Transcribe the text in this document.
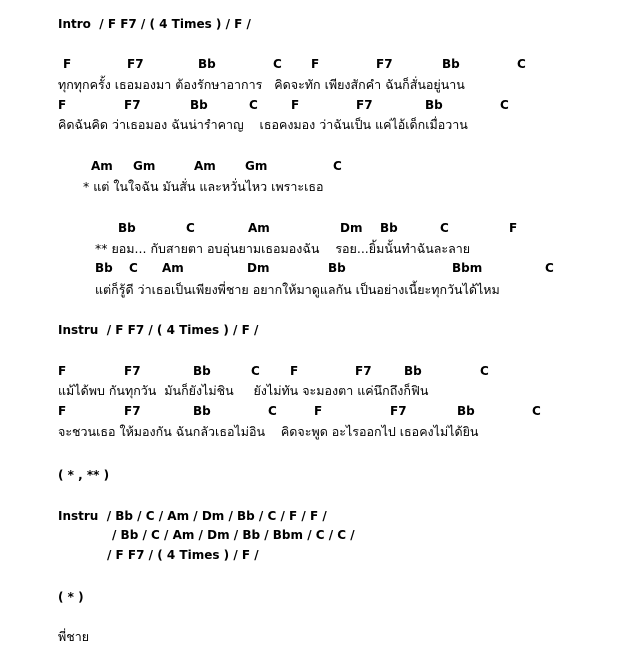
Intro  / F F7 / ( 4 Times ) / F /
F	F7	Bb	C F	F7	Bb	C
ทุกทุกครั้ง เธอมองมา ต้องรักษาอาการ   คิดจะทัก เพียงสักคำ ฉันก็สั่นอยู่นาน
F	F7	Bb	C	F	F7	Bb	C
คิดฉันคิด ว่าเธอมอง ฉันน่ารำคาญ    เธอคงมอง ว่าฉันเป็น แค่ไอ้เด็กเมื่อวาน
Am Gm	Am Gm	C
* แต่ ในใจฉัน มันสั่น และหวั่นไหว เพราะเธอ
Bb	C	Am	Dm Bb	C	F
** ยอม... กับสายตา อบอุ่นยามเธอมองฉัน    รอย...ยิ้มนั้นทำฉันละลาย
Bb C Am	Dm	Bb	Bbm	C
แต่ก็รู้ดี ว่าเธอเป็นเพียงพี่ชาย อยากให้มาดูแลกัน เป็นอย่างเนี้ยะทุกวันได้ไหม
Instru  / F F7 / ( 4 Times ) / F /
F	F7	Bb	C	F	F7	Bb	C
แม้ได้พบ กันทุกวัน  มันก็ยังไม่ชิน     ยังไม่ทัน จะมองตา แค่นึกถึงก็ฟิน
F	F7	Bb	C	F	F7	Bb	C
จะชวนเธอ ให้มองกัน ฉันกลัวเธอไม่อิน    คิดจะพูด อะไรออกไป เธอคงไม่ได้ยิน
( * , ** )
Instru  / Bb / C / Am / Dm / Bb / C / F / F /
/ Bb / C / Am / Dm / Bb / Bbm / C / C /
/ F F7 / ( 4 Times ) / F /
( * )
พี่ชาย
